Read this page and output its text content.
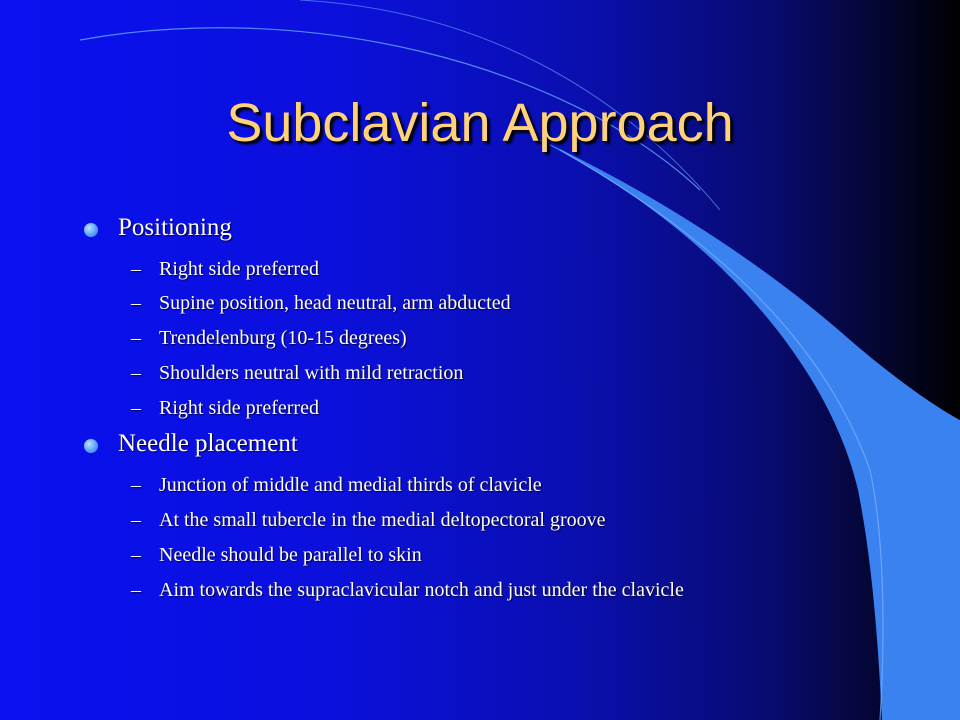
Subclavian Approach
Positioning
– Right side preferred
– Supine position, head neutral, arm abducted
– Trendelenburg (10-15 degrees)
– Shoulders neutral with mild retraction
– Right side preferred
Needle placement
– Junction of middle and medial thirds of clavicle
– At the small tubercle in the medial deltopectoral groove
– Needle should be parallel to skin
– Aim towards the supraclavicular notch and just under the clavicle
